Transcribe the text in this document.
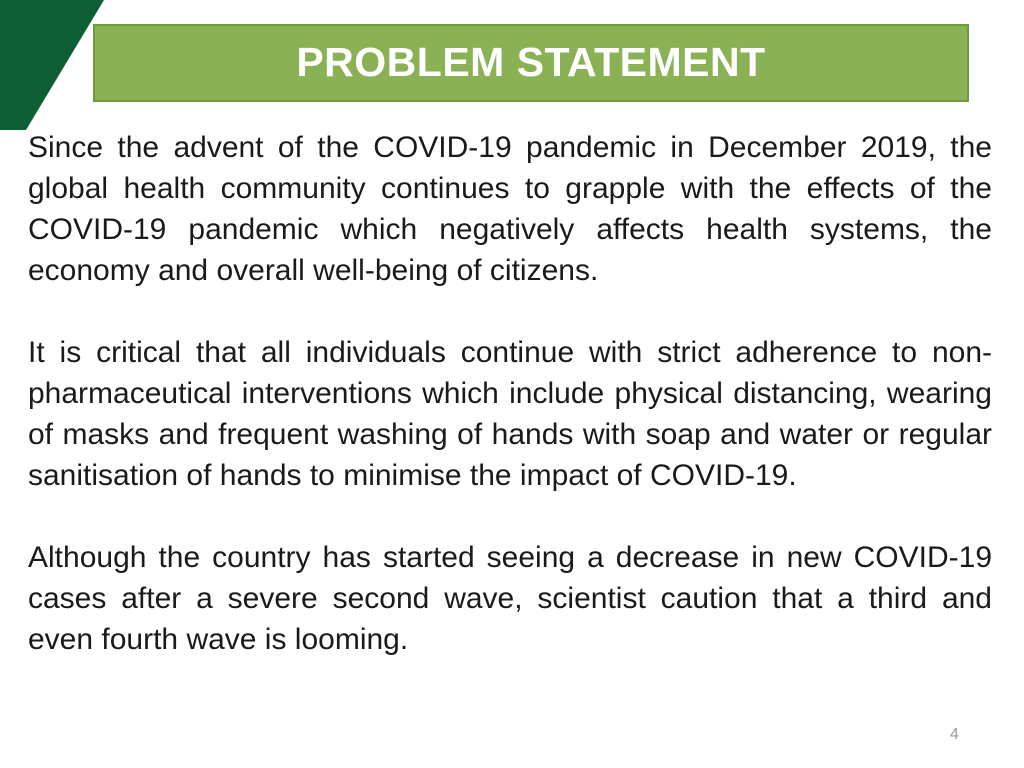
PROBLEM STATEMENT

Since the advent of the COVID-19 pandemic in December 2019, the global health community continues to grapple with the effects of the COVID-19 pandemic which negatively affects health systems, the economy and overall well-being of citizens.

It is critical that all individuals continue with strict adherence to non-pharmaceutical interventions which include physical distancing, wearing of masks and frequent washing of hands with soap and water or regular sanitisation of hands to minimise the impact of COVID-19.

Although the country has started seeing a decrease in new COVID-19 cases after a severe second wave, scientist caution that a third and even fourth wave is looming.

4
